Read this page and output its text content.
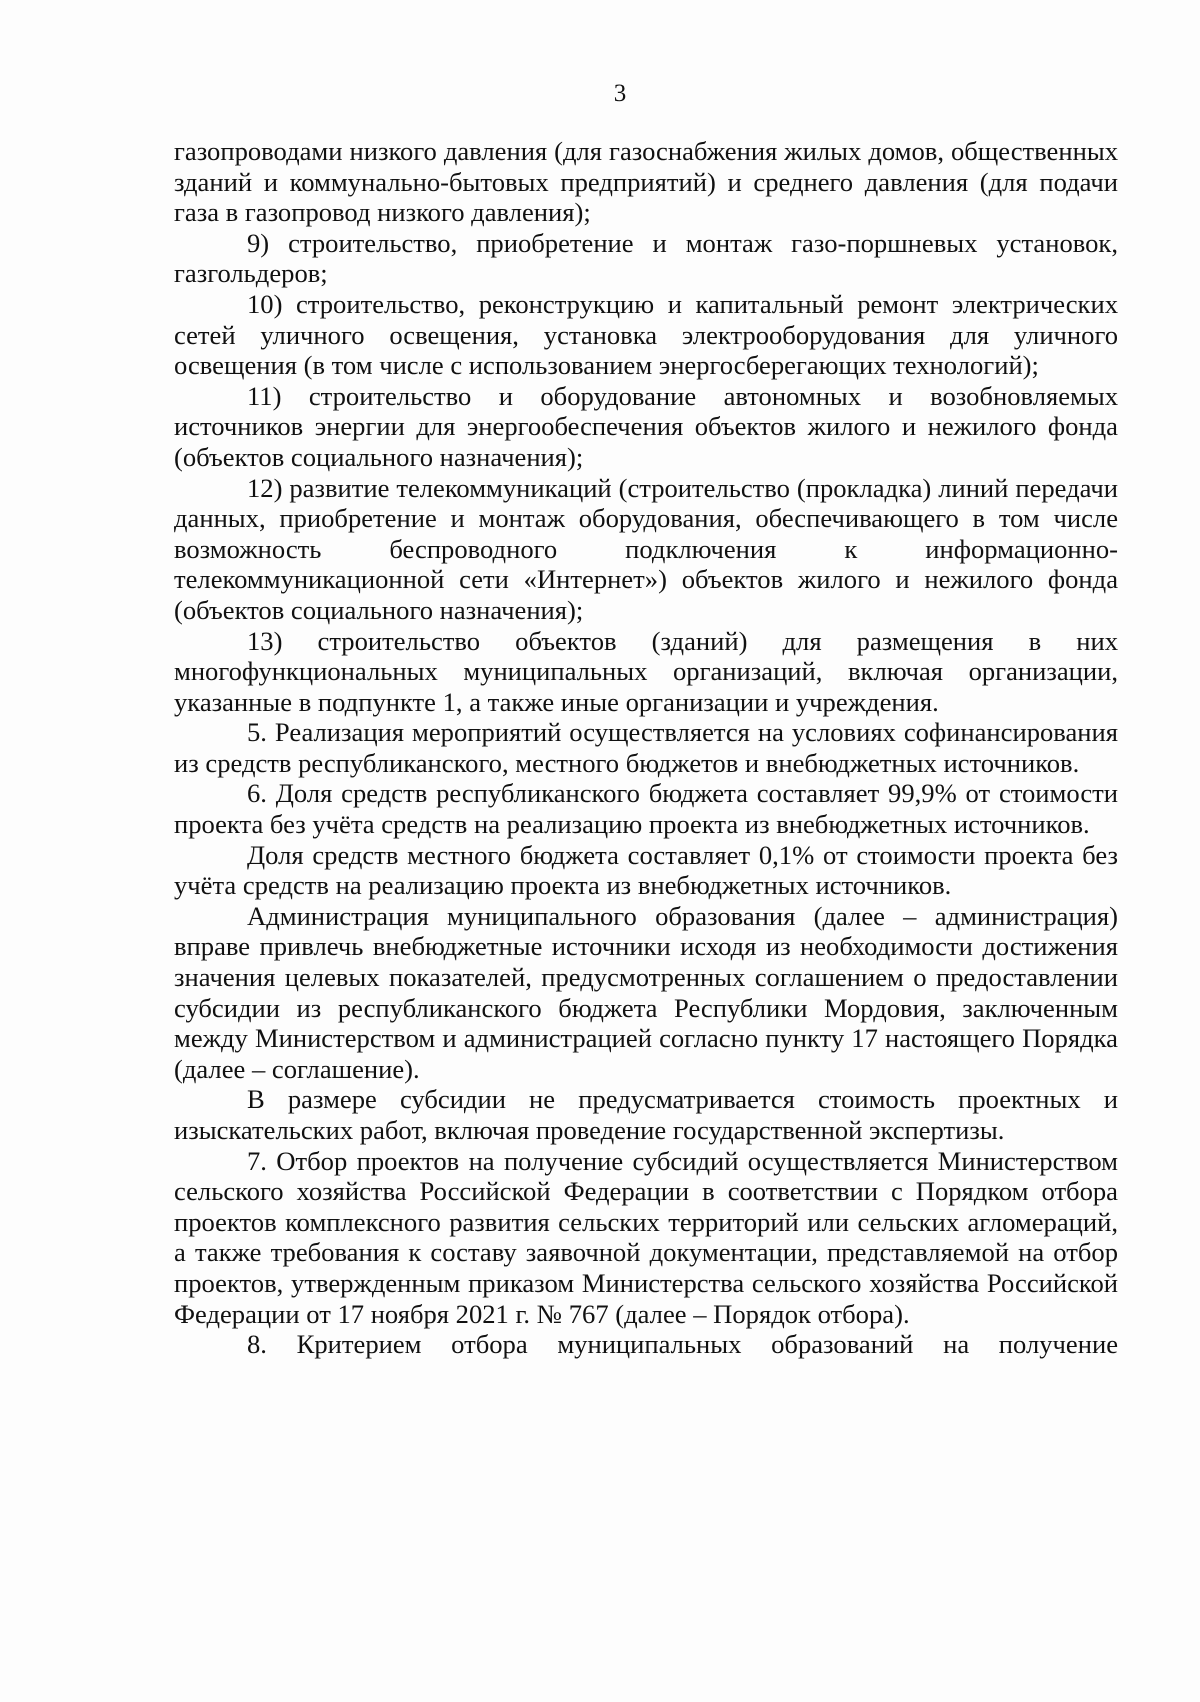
3

газопроводами низкого давления (для газоснабжения жилых домов, общественных зданий и коммунально-бытовых предприятий) и среднего давления (для подачи газа в газопровод низкого давления);

9) строительство, приобретение и монтаж газо-поршневых установок, газгольдеров;

10) строительство, реконструкцию и капитальный ремонт электрических сетей уличного освещения, установка электрооборудования для уличного освещения (в том числе с использованием энергосберегающих технологий);

11) строительство и оборудование автономных и возобновляемых источников энергии для энергообеспечения объектов жилого и нежилого фонда (объектов социального назначения);

12) развитие телекоммуникаций (строительство (прокладка) линий передачи данных, приобретение и монтаж оборудования, обеспечивающего в том числе возможность беспроводного подключения к информационно-телекоммуникационной сети «Интернет») объектов жилого и нежилого фонда (объектов социального назначения);

13) строительство объектов (зданий) для размещения в них многофункциональных муниципальных организаций, включая организации, указанные в подпункте 1, а также иные организации и учреждения.

5. Реализация мероприятий осуществляется на условиях софинансирования из средств республиканского, местного бюджетов и внебюджетных источников.

6. Доля средств республиканского бюджета составляет 99,9% от стоимости проекта без учёта средств на реализацию проекта из внебюджетных источников.

Доля средств местного бюджета составляет 0,1% от стоимости проекта без учёта средств на реализацию проекта из внебюджетных источников.

Администрация муниципального образования (далее – администрация) вправе привлечь внебюджетные источники исходя из необходимости достижения значения целевых показателей, предусмотренных соглашением о предоставлении субсидии из республиканского бюджета Республики Мордовия, заключенным между Министерством и администрацией согласно пункту 17 настоящего Порядка (далее – соглашение).

В размере субсидии не предусматривается стоимость проектных и изыскательских работ, включая проведение государственной экспертизы.

7. Отбор проектов на получение субсидий осуществляется Министерством сельского хозяйства Российской Федерации в соответствии с Порядком отбора проектов комплексного развития сельских территорий или сельских агломераций, а также требования к составу заявочной документации, представляемой на отбор проектов, утвержденным приказом Министерства сельского хозяйства Российской Федерации от 17 ноября 2021 г. № 767 (далее – Порядок отбора).

8. Критерием отбора муниципальных образований на получение
